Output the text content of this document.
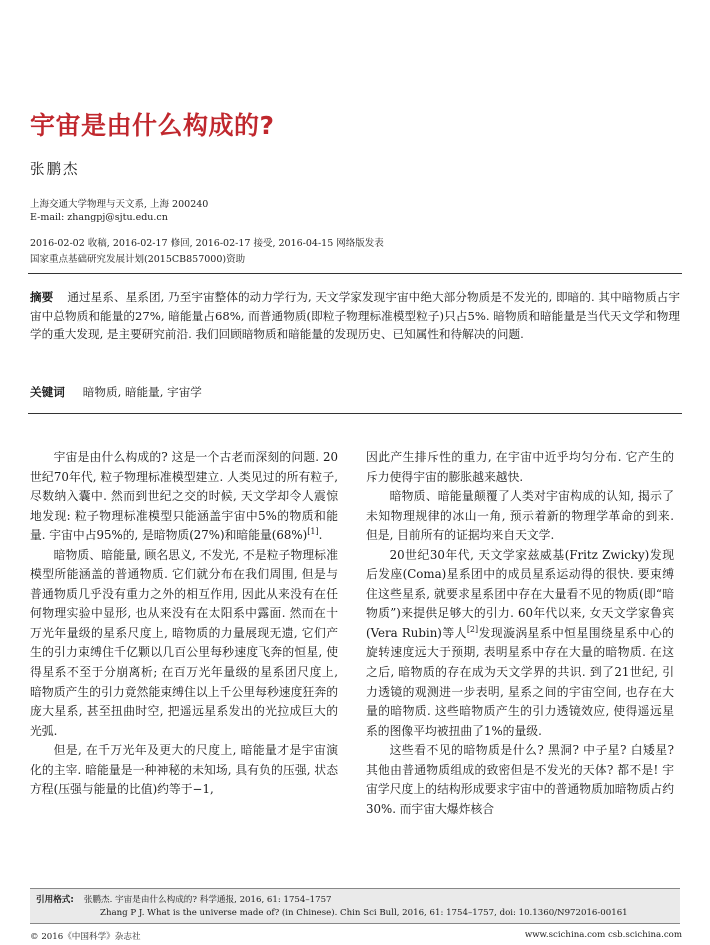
宇宙是由什么构成的?
张鹏杰
上海交通大学物理与天文系, 上海 200240
E-mail: zhangpj@sjtu.edu.cn
2016-02-02 收稿, 2016-02-17 修回, 2016-02-17 接受, 2016-04-15 网络版发表
国家重点基础研究发展计划(2015CB857000)资助

摘要 通过星系、星系团, 乃至宇宙整体的动力学行为, 天文学家发现宇宙中绝大部分物质是不发光的, 即暗的. 其中暗物质占宇宙中总物质和能量的27%, 暗能量占68%, 而普通物质(即粒子物理标准模型粒子)只占5%. 暗物质和暗能量是当代天文学和物理学的重大发现, 是主要研究前沿. 我们回顾暗物质和暗能量的发现历史、已知属性和待解决的问题.

关键词 暗物质, 暗能量, 宇宙学

宇宙是由什么构成的? 这是一个古老而深刻的问题. 20世纪70年代, 粒子物理标准模型建立. 人类见过的所有粒子, 尽数纳入囊中. 然而到世纪之交的时候, 天文学却令人震惊地发现: 粒子物理标准模型只能涵盖宇宙中5%的物质和能量. 宇宙中占95%的, 是暗物质(27%)和暗能量(68%)[1].

暗物质、暗能量, 顾名思义, 不发光, 不是粒子物理标准模型所能涵盖的普通物质. 它们就分布在我们周围, 但是与普通物质几乎没有重力之外的相互作用, 因此从来没有在任何物理实验中显形, 也从来没有在太阳系中露面. 然而在十万光年量级的星系尺度上, 暗物质的力量展现无遗, 它们产生的引力束缚住千亿颗以几百公里每秒速度飞奔的恒星, 使得星系不至于分崩离析; 在百万光年量级的星系团尺度上, 暗物质产生的引力竟然能束缚住以上千公里每秒速度狂奔的庞大星系, 甚至扭曲时空, 把遥远星系发出的光拉成巨大的光弧.

但是, 在千万光年及更大的尺度上, 暗能量才是宇宙演化的主宰. 暗能量是一种神秘的未知场, 具有负的压强, 状态方程(压强与能量的比值)约等于−1,

因此产生排斥性的重力, 在宇宙中近乎均匀分布. 它产生的斥力使得宇宙的膨胀越来越快.

暗物质、暗能量颠覆了人类对宇宙构成的认知, 揭示了未知物理规律的冰山一角, 预示着新的物理学革命的到来. 但是, 目前所有的证据均来自天文学.

20世纪30年代, 天文学家兹威基(Fritz Zwicky)发现后发座(Coma)星系团中的成员星系运动得的很快. 要束缚住这些星系, 就要求星系团中存在大量看不见的物质(即“暗物质”)来提供足够大的引力. 60年代以来, 女天文学家鲁宾(Vera Rubin)等人[2]发现漩涡星系中恒星围绕星系中心的旋转速度远大于预期, 表明星系中存在大量的暗物质. 在这之后, 暗物质的存在成为天文学界的共识. 到了21世纪, 引力透镜的观测进一步表明, 星系之间的宇宙空间, 也存在大量的暗物质. 这些暗物质产生的引力透镜效应, 使得遥远星系的图像平均被扭曲了1%的量级.

这些看不见的暗物质是什么? 黑洞? 中子星? 白矮星? 其他由普通物质组成的致密但是不发光的天体? 都不是! 宇宙学尺度上的结构形成要求宇宙中的普通物质加暗物质占约30%. 而宇宙大爆炸核合

引用格式: 张鹏杰. 宇宙是由什么构成的? 科学通报, 2016, 61: 1754–1757
Zhang P J. What is the universe made of? (in Chinese). Chin Sci Bull, 2016, 61: 1754–1757, doi: 10.1360/N972016-00161
© 2016《中国科学》杂志社	www.scichina.com csb.scichina.com
